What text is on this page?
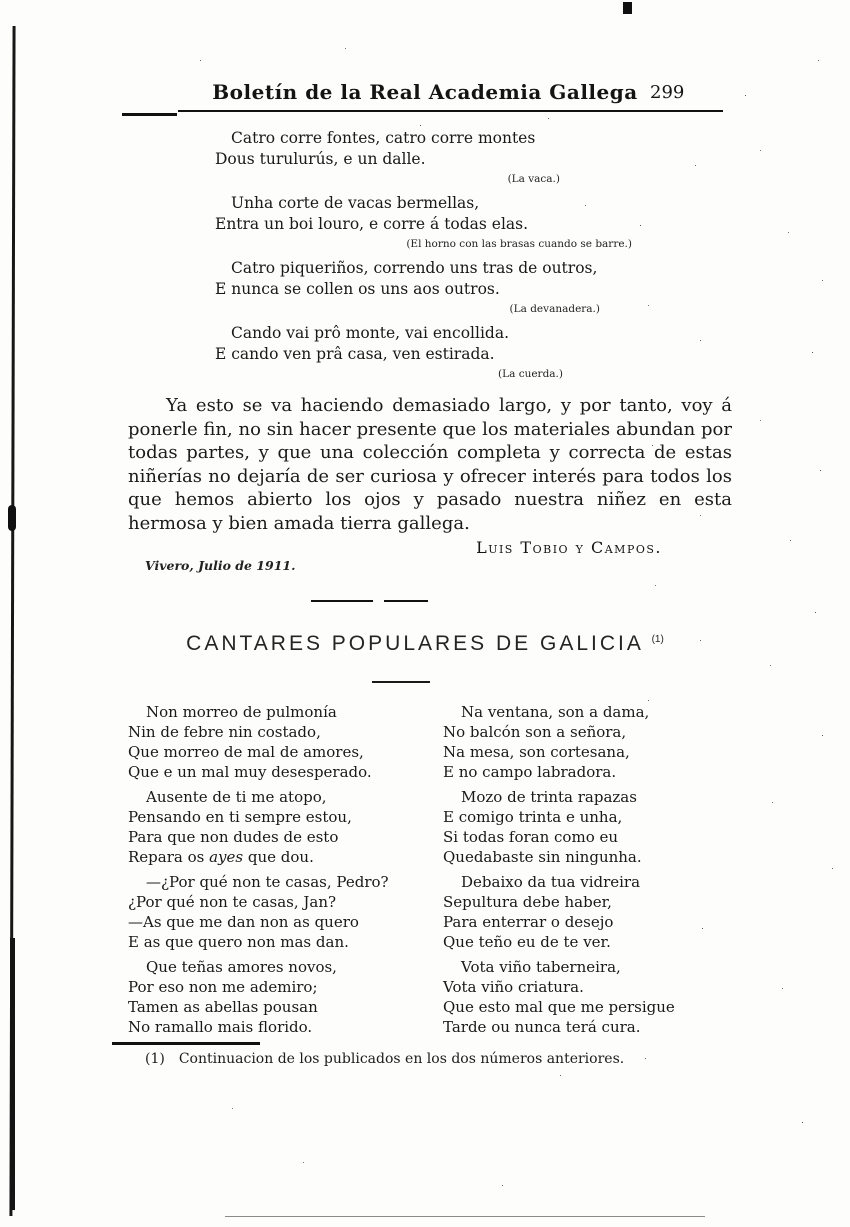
Boletín de la Real Academia Gallega 299

Catro corre fontes, catro corre montes

Dous turulurús, e un dalle.

(La vaca.)

Unha corte de vacas bermellas,

Entra un boi louro, e corre á todas elas.

(El horno con las brasas cuando se barre.)

Catro piqueriños, correndo uns tras de outros,

E nunca se collen os uns aos outros.

(La devanadera.)

Cando vai prô monte, vai encollida.

E cando ven prâ casa, ven estirada.

(La cuerda.)
Ya esto se va haciendo demasiado largo, y por tanto, voy á ponerle fin, no sin hacer presente que los materiales abundan por todas partes, y que una colección completa y correcta de estas niñerías no dejaría de ser curiosa y ofrecer interés para todos los que hemos abierto los ojos y pasado nuestra niñez en esta hermosa y bien amada tierra gallega.
Luis Tobio y Campos.
Vivero, Julio de 1911.
CANTARES POPULARES DE GALICIA $^{(1)}$

Non morreo de pulmonía

Nin de febre nin costado,

Que morreo de mal de amores,

Que e un mal muy desesperado.

Ausente de ti me atopo,

Pensando en ti sempre estou,

Para que non dudes de esto

Repara os ayes que dou.

—¿Por qué non te casas, Pedro?

¿Por qué non te casas, Jan?

—As que me dan non as quero

E as que quero non mas dan.

Que teñas amores novos,

Por eso non me ademiro;

Tamen as abellas pousan

No ramallo mais florido.

Na ventana, son a dama,

No balcón son a señora,

Na mesa, son cortesana,

E no campo labradora.

Mozo de trinta rapazas

E comigo trinta e unha,

Si todas foran como eu

Quedabaste sin ningunha.

Debaixo da tua vidreira

Sepultura debe haber,

Para enterrar o desejo

Que teño eu de te ver.

Vota viño taberneira,

Vota viño criatura.

Que esto mal que me persigue

Tarde ou nunca terá cura.

(1) Continuacion de los publicados en los dos números anteriores.
